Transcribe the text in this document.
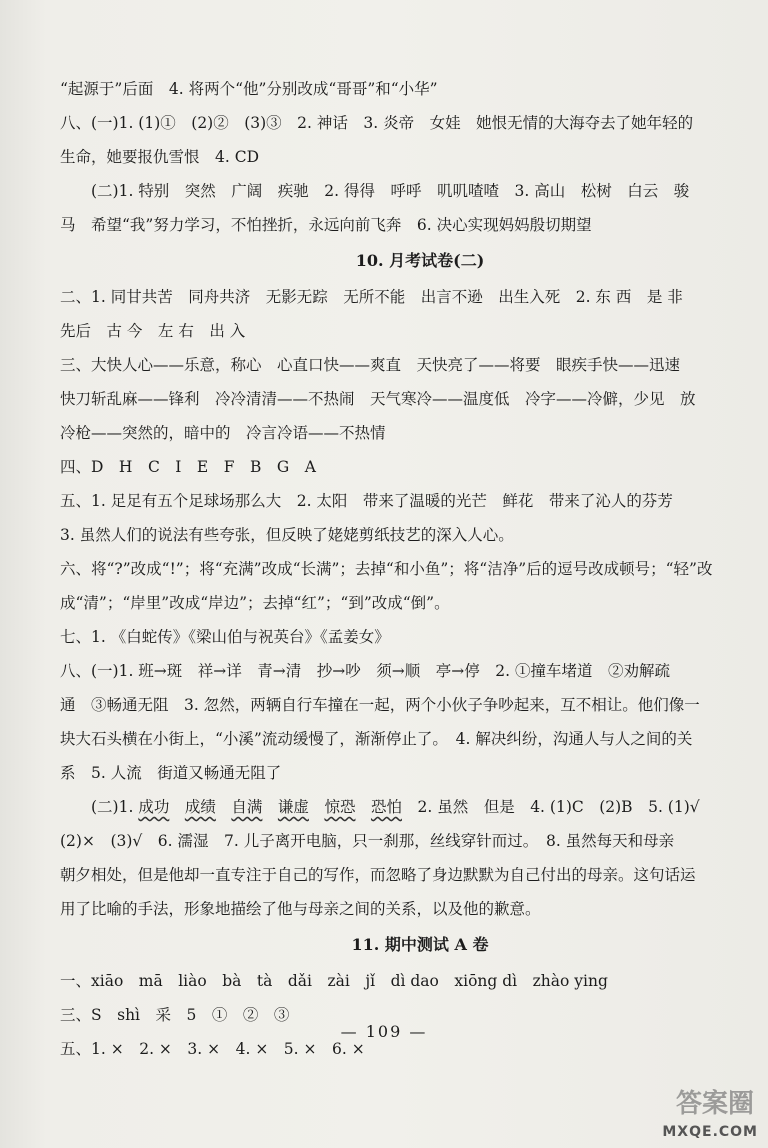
“起源于”后面　4. 将两个“他”分别改成“哥哥”和“小华”
八、(一)1. (1)①　(2)②　(3)③　2. 神话　3. 炎帝　女娃　她恨无情的大海夺去了她年轻的
生命，她要报仇雪恨　4. CD
(二)1. 特别　突然　广阔　疾驰　2. 得得　呼呼　叽叽喳喳　3. 高山　松树　白云　骏
马　希望“我”努力学习，不怕挫折，永远向前飞奔　6. 决心实现妈妈殷切期望
10. 月考试卷(二)
二、1. 同甘共苦　同舟共济　无影无踪　无所不能　出言不逊　出生入死　2. 东 西　是 非
先后　古 今　左 右　出 入
三、大快人心——乐意，称心　心直口快——爽直　天快亮了——将要　眼疾手快——迅速
快刀斩乱麻——锋利　冷冷清清——不热闹　天气寒冷——温度低　冷字——冷僻，少见　放
冷枪——突然的，暗中的　冷言冷语——不热情
四、D　H　C　I　E　F　B　G　A
五、1. 足足有五个足球场那么大　2. 太阳　带来了温暖的光芒　鲜花　带来了沁人的芬芳
3. 虽然人们的说法有些夸张，但反映了姥姥剪纸技艺的深入人心。
六、将“?”改成“!”；将“充满”改成“长满”；去掉“和小鱼”；将“洁净”后的逗号改成顿号；“轻”改
成“清”；“岸里”改成“岸边”；去掉“红”；“到”改成“倒”。
七、1. 《白蛇传》《梁山伯与祝英台》《孟姜女》
八、(一)1. 班→斑　祥→详　青→清　抄→吵　须→顺　亭→停　2. ①撞车堵道　②劝解疏
通　③畅通无阻　3. 忽然，两辆自行车撞在一起，两个小伙子争吵起来，互不相让。他们像一
块大石头横在小街上，“小溪”流动缓慢了，渐渐停止了。　4. 解决纠纷，沟通人与人之间的关
系　5. 人流　街道又畅通无阻了
(二)1. 成功　 成绩　 自满　 谦虚　 惊恐　 恐怕　2. 虽然　但是　4. (1)C　(2)B　5. (1)√
(2)×　(3)√　6. 濡湿　7. 儿子离开电脑，只一刹那，丝线穿针而过。　8. 虽然每天和母亲
朝夕相处，但是他却一直专注于自己的写作，而忽略了身边默默为自己付出的母亲。这句话运
用了比喻的手法，形象地描绘了他与母亲之间的关系，以及他的歉意。
11. 期中测试 A 卷
一、xiāo　mā　liào　bà　tà　dǎi　zài　jǐ　dì dao　xiōng dì　zhào ying
三、S　shì　采　5　①　②　③
五、1. ×　2. ×　3. ×　4. ×　5. ×　6. ×
— 109 —
答案圈
MXQE.COM
